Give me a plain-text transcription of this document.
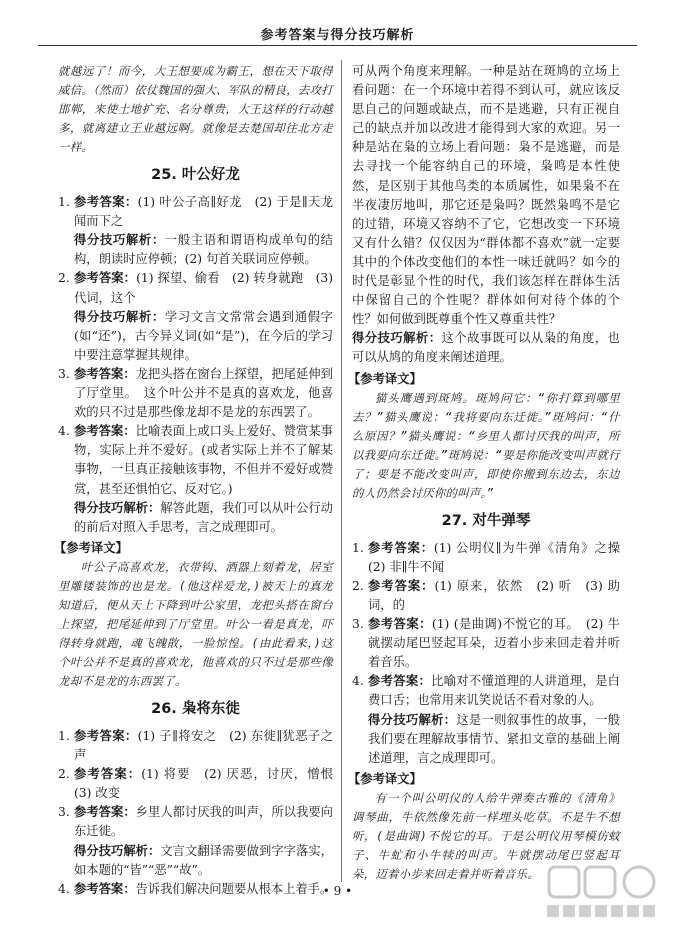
参考答案与得分技巧解析

就越远了！而今，大王想要成为霸王，想在天下取得威信。（然而）依仗魏国的强大、军队的精良，去攻打邯郸，来使土地扩充、名分尊贵，大王这样的行动越多，就离建立王业越远啊。就像是去楚国却往北方走一样。

25. 叶公好龙
1. 参考答案：(1) 叶公子高∥好龙　(2) 于是∥天龙闻而下之

得分技巧解析：一般主语和谓语构成单句的结构，朗读时应停顿；(2) 句首关联词应停顿。

2. 参考答案：(1) 探望、偷看　(2) 转身就跑　(3) 代词，这个

得分技巧解析：学习文言文常常会遇到通假字(如“还”)，古今异义词(如“是”)，在今后的学习中要注意掌握其规律。

3. 参考答案：龙把头搭在窗台上探望，把尾延伸到了厅堂里。　这个叶公并不是真的喜欢龙，他喜欢的只不过是那些像龙却不是龙的东西罢了。
4. 参考答案：比喻表面上或口头上爱好、赞赏某事物，实际上并不爱好。(或者实际上并不了解某事物，一旦真正接触该事物，不但并不爱好或赞赏，甚至还惧怕它、反对它。)

得分技巧解析：解答此题，我们可以从叶公行动的前后对照入手思考，言之成理即可。

【参考译文】

叶公子高喜欢龙，衣带钩、酒器上刻着龙，居室里雕镂装饰的也是龙。(他这样爱龙，)被天上的真龙知道后，便从天上下降到叶公家里，龙把头搭在窗台上探望，把尾延伸到了厅堂里。叶公一看是真龙，吓得转身就跑，魂飞魄散，一脸惊惶。(由此看来，)这个叶公并不是真的喜欢龙，他喜欢的只不过是那些像龙却不是龙的东西罢了。

26. 枭将东徙
1. 参考答案：(1) 子∥将安之　(2) 东徙∥犹恶子之声
2. 参考答案：(1) 将要　(2) 厌恶，讨厌，憎恨　(3) 改变
3. 参考答案：乡里人都讨厌我的叫声，所以我要向东迁徙。

得分技巧解析：文言文翻译需要做到字字落实，如本题的“皆”“恶”“故”。

4. 参考答案：告诉我们解决问题要从根本上着手。

可从两个角度来理解。一种是站在斑鸠的立场上看问题：在一个环境中若得不到认可，就应该反思自己的问题或缺点，而不是逃避，只有正视自己的缺点并加以改进才能得到大家的欢迎。另一种是站在枭的立场上看问题：枭不是逃避，而是去寻找一个能容纳自己的环境，枭鸣是本性使然，是区别于其他鸟类的本质属性，如果枭不在半夜凄厉地叫，那它还是枭吗？既然枭鸣不是它的过错，环境又容纳不了它，它想改变一下环境又有什么错？仅仅因为“群体都不喜欢”就一定要其中的个体改变他们的本性一味迁就吗？如今的时代是彰显个性的时代，我们该怎样在群体生活中保留自己的个性呢？群体如何对待个体的个性？如何做到既尊重个性又尊重共性？

得分技巧解析：这个故事既可以从枭的角度，也可以从鸠的角度来阐述道理。

【参考译文】

猫头鹰遇到斑鸠。斑鸠问它：“你打算到哪里去？”猫头鹰说：“我将要向东迁徙。”斑鸠问：“什么原因？”猫头鹰说：“乡里人都讨厌我的叫声，所以我要向东迁徙。”斑鸠说：“要是你能改变叫声就行了；要是不能改变叫声，即使你搬到东边去，东边的人仍然会讨厌你的叫声。”

27. 对牛弹琴
1. 参考答案：(1) 公明仪∥为牛弹《清角》之操　(2) 非∥牛不闻
2. 参考答案：(1) 原来，依然　(2) 听　(3) 助词，的
3. 参考答案：(1) (是曲调)不悦它的耳。　(2) 牛就摆动尾巴竖起耳朵，迈着小步来回走着并听着音乐。
4. 参考答案：比喻对不懂道理的人讲道理，是白费口舌；也常用来讥笑说话不看对象的人。

得分技巧解析：这是一则叙事性的故事，一般我们要在理解故事情节、紧扣文章的基础上阐述道理，言之成理即可。

【参考译文】

有一个叫公明仪的人给牛弹奏古雅的《清角》调琴曲，牛依然像先前一样埋头吃草。不是牛不想听，(是曲调)不悦它的耳。于是公明仪用琴模仿蚊子、牛虻和小牛犊的叫声。牛就摆动尾巴竖起耳朵，迈着小步来回走着并听着音乐。

• 9 •
